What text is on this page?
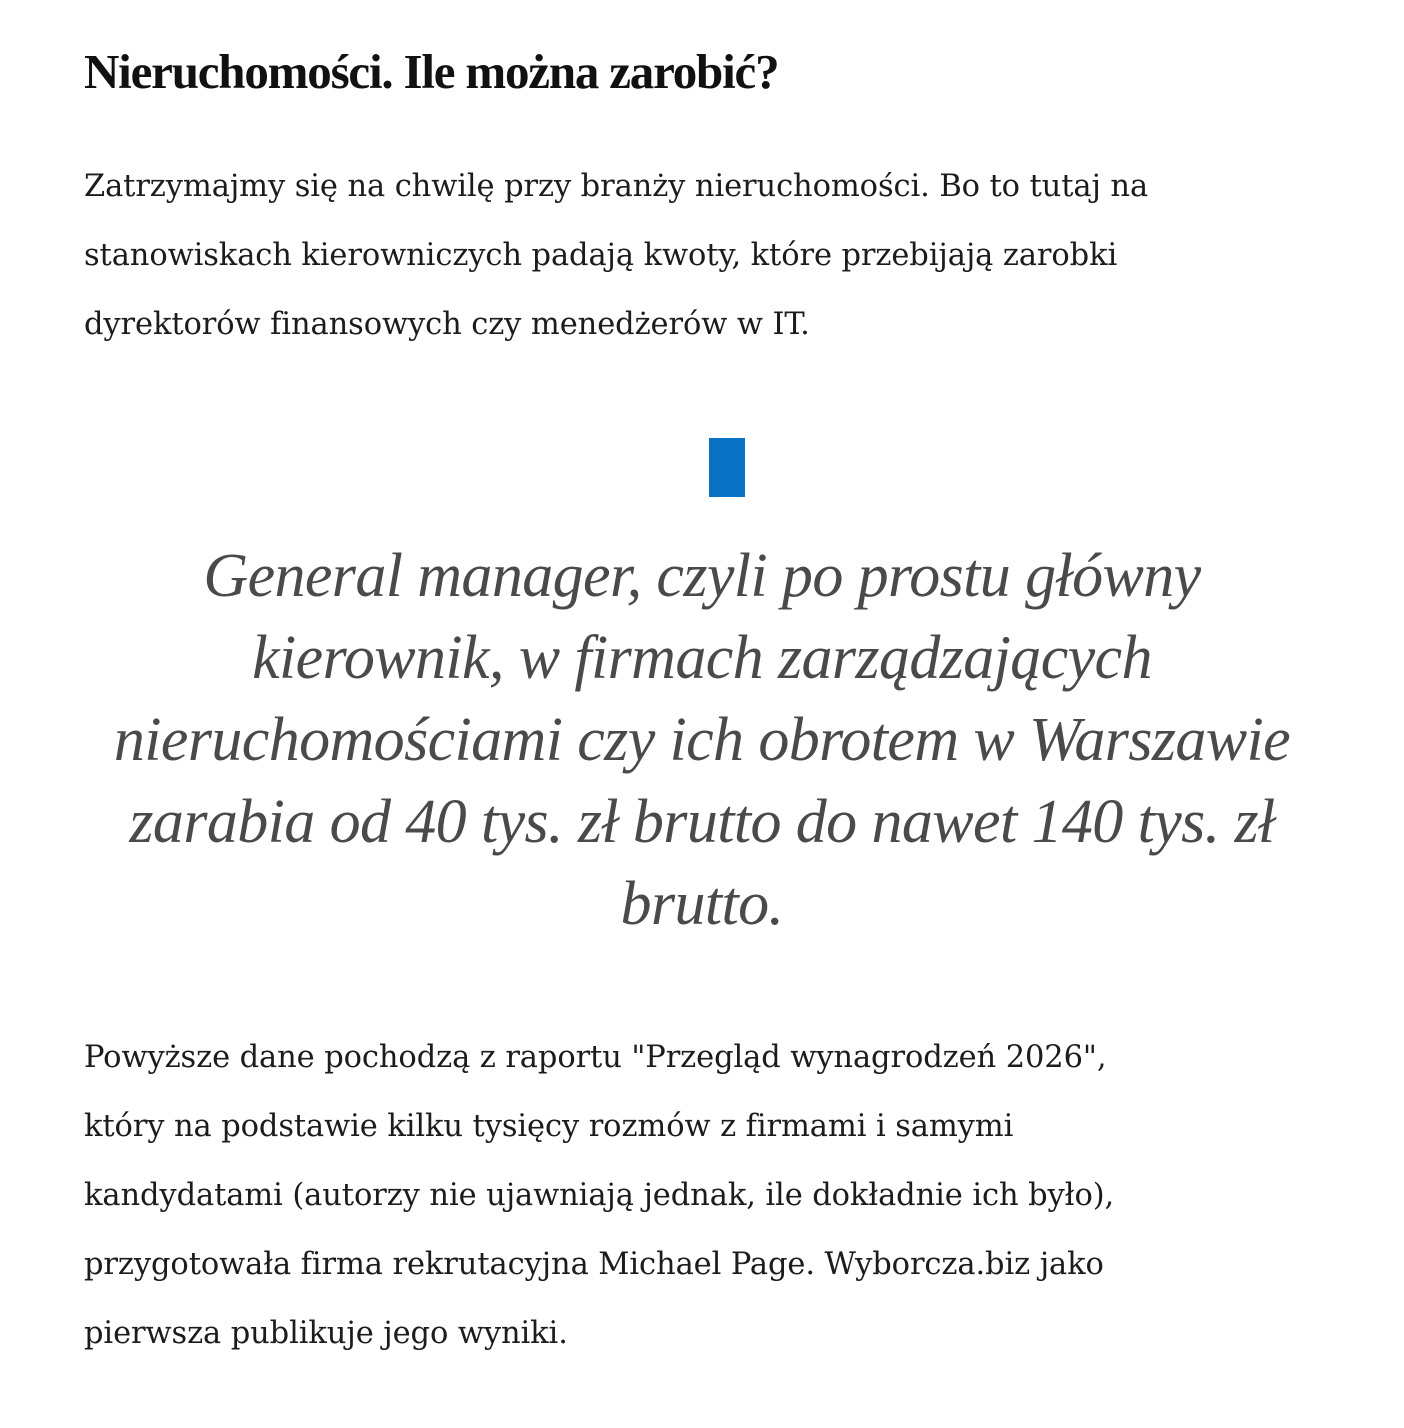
Nieruchomości. Ile można zarobić?

Zatrzymajmy się na chwilę przy branży nieruchomości. Bo to tutaj na
stanowiskach kierowniczych padają kwoty, które przebijają zarobki
dyrektorów finansowych czy menedżerów w IT.

Powyższe dane pochodzą z raportu "Przegląd wynagrodzeń 2026",
który na podstawie kilku tysięcy rozmów z firmami i samymi
kandydatami (autorzy nie ujawniają jednak, ile dokładnie ich było),
przygotowała firma rekrutacyjna Michael Page. Wyborcza.biz jako
pierwsza publikuje jego wyniki.

General manager, czyli po prostu główny
kierownik, w firmach zarządzających
nieruchomościami czy ich obrotem w Warszawie
zarabia od 40 tys. zł brutto do nawet 140 tys. zł
brutto.
